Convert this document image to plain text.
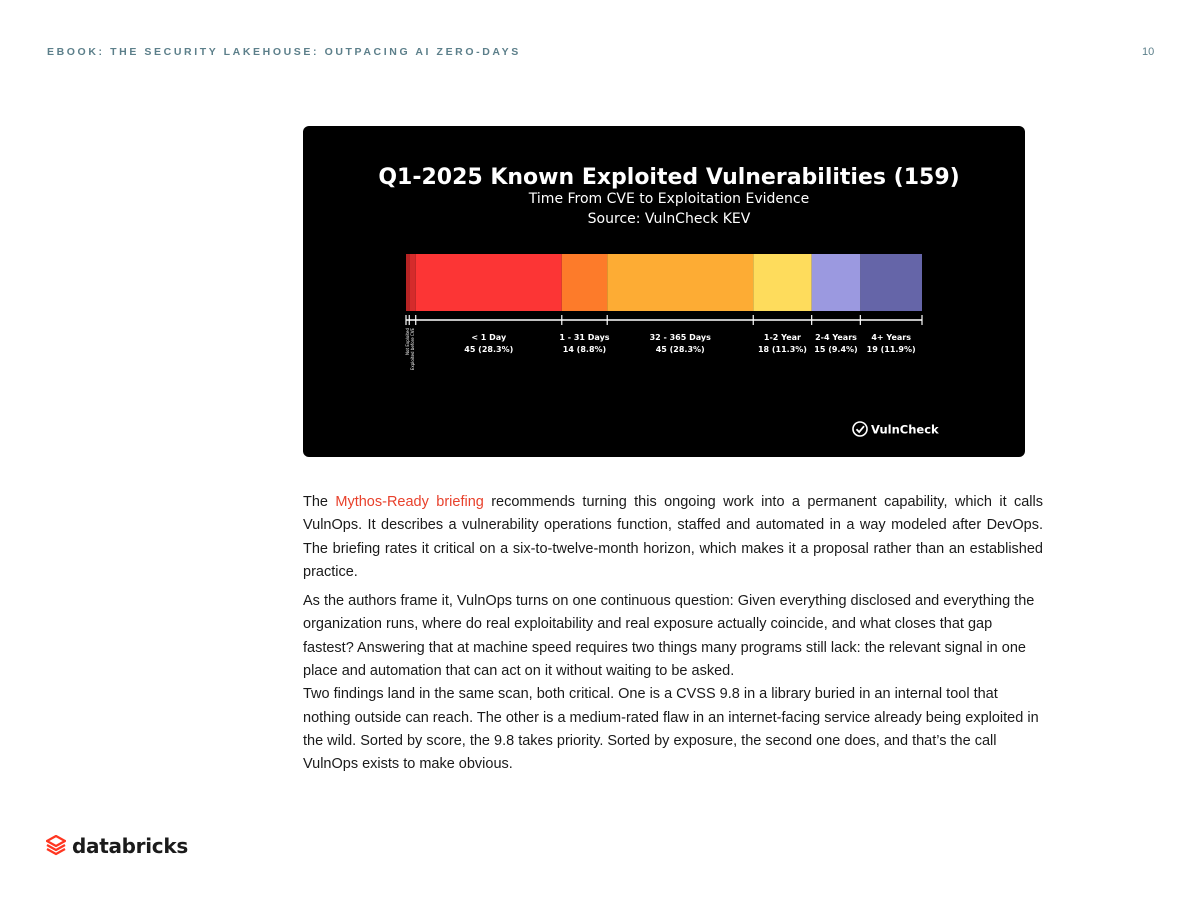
EBOOK: THE SECURITY LAKEHOUSE: OUTPACING AI ZERO-DAYS	10
Q1-2025 Known Exploited Vulnerabilities (159)
Time From CVE to Exploitation Evidence
Source: VulnCheck KEV
Not Exploited Exploited before CVE	< 1 Day
45 (28.3%)
1 - 31 Days
14 (8.8%)
32 - 365 Days
45 (28.3%)
1-2 Year
18 (11.3%)
2-4 Years
15 (9.4%)
4+ Years
19 (11.9%)
VulnCheck

The Mythos-Ready briefing recommends turning this ongoing work into a permanent capability, which it calls VulnOps. It describes a vulnerability operations function, staffed and automated in a way modeled after DevOps. The briefing rates it critical on a six-to-twelve-month horizon, which makes it a proposal rather than an established practice.

As the authors frame it, VulnOps turns on one continuous question: Given everything disclosed and everything the organization runs, where do real exploitability and real exposure actually coincide, and what closes that gap fastest? Answering that at machine speed requires two things many programs still lack: the relevant signal in one place and automation that can act on it without waiting to be asked.

Two findings land in the same scan, both critical. One is a CVSS 9.8 in a library buried in an internal tool that nothing outside can reach. The other is a medium-rated flaw in an internet-facing service already being exploited in the wild. Sorted by score, the 9.8 takes priority. Sorted by exposure, the second one does, and that’s the call VulnOps exists to make obvious.

databricks
